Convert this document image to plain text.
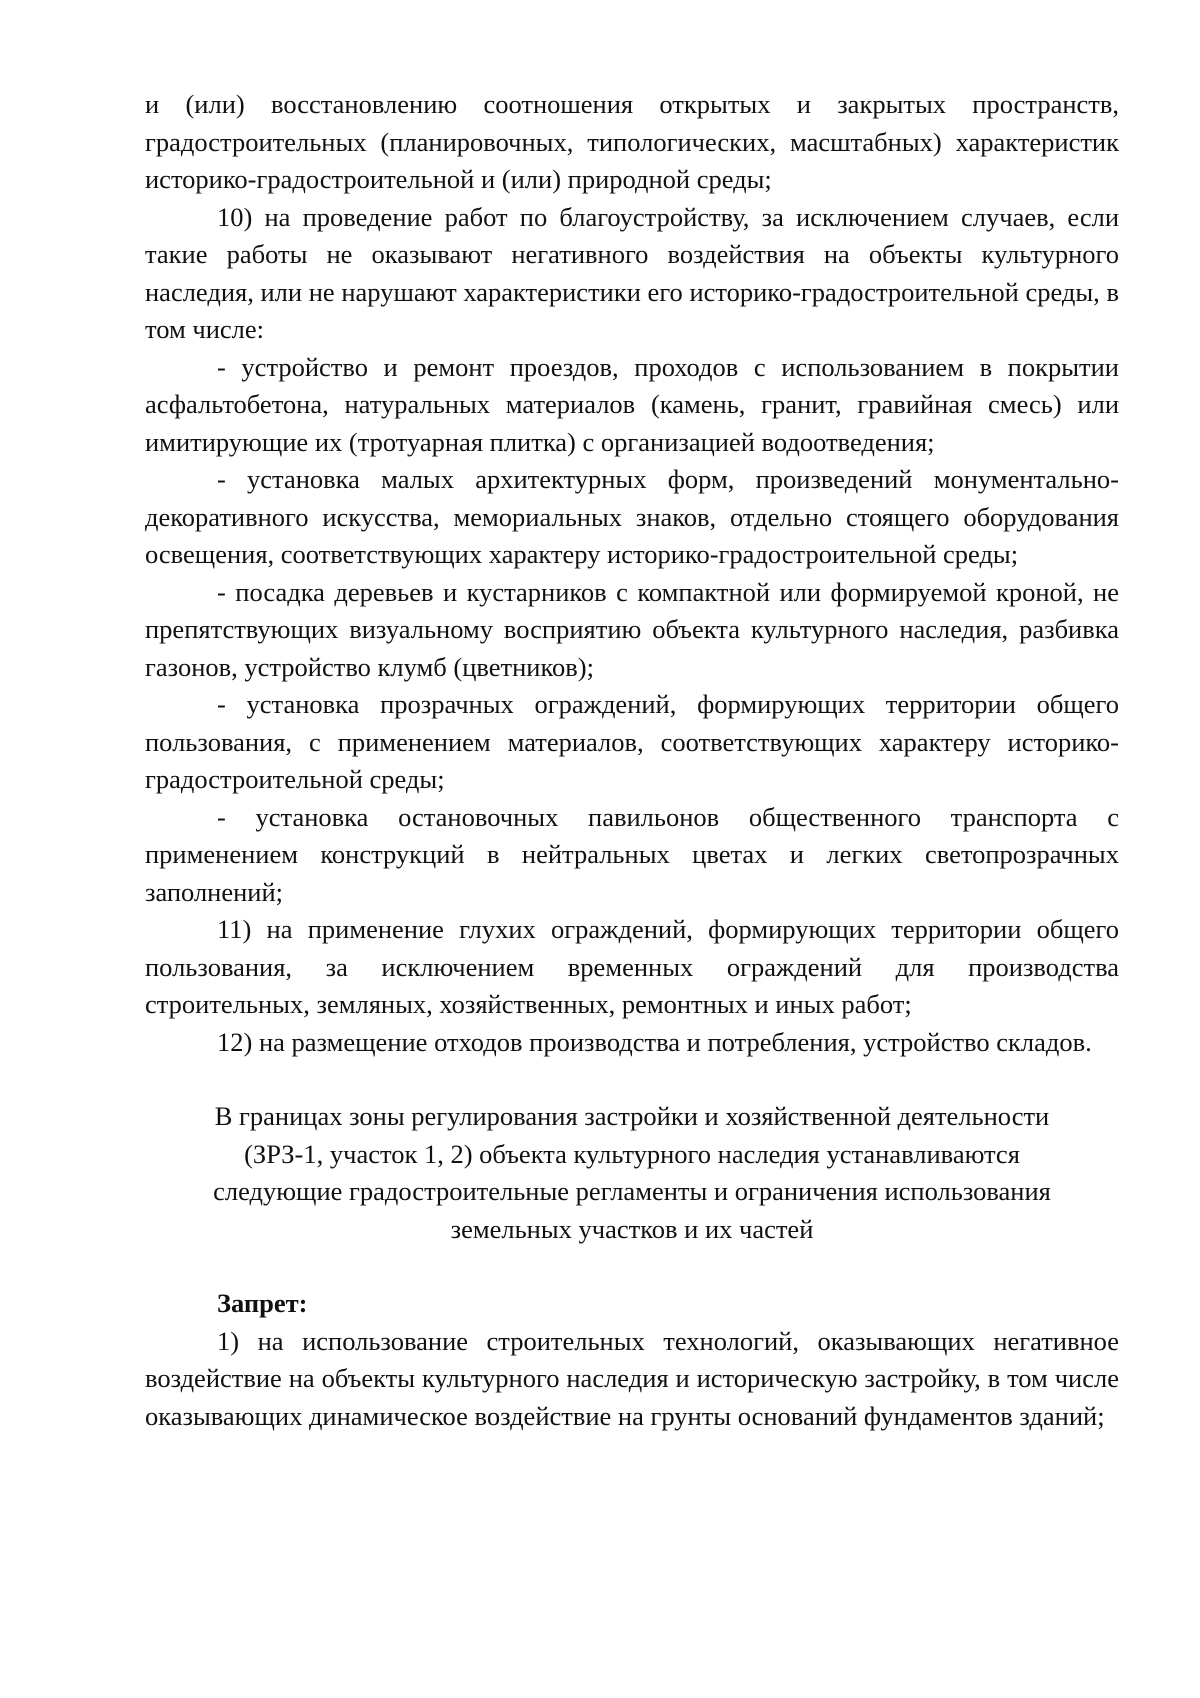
и (или) восстановлению соотношения открытых и закрытых пространств, градостроительных (планировочных, типологических, масштабных) характеристик историко-градостроительной и (или) природной среды;

10) на проведение работ по благоустройству, за исключением случаев, если такие работы не оказывают негативного воздействия на объекты культурного наследия, или не нарушают характеристики его историко-градостроительной среды, в том числе:

- устройство и ремонт проездов, проходов с использованием в покрытии асфальтобетона, натуральных материалов (камень, гранит, гравийная смесь) или имитирующие их (тротуарная плитка) с организацией водоотведения;

- установка малых архитектурных форм, произведений монументально-декоративного искусства, мемориальных знаков, отдельно стоящего оборудования освещения, соответствующих характеру историко-градостроительной среды;

- посадка деревьев и кустарников с компактной или формируемой кроной, не препятствующих визуальному восприятию объекта культурного наследия, разбивка газонов, устройство клумб (цветников);

- установка прозрачных ограждений, формирующих территории общего пользования, с применением материалов, соответствующих характеру историко-градостроительной среды;

- установка остановочных павильонов общественного транспорта с применением конструкций в нейтральных цветах и легких светопрозрачных заполнений;

11) на применение глухих ограждений, формирующих территории общего пользования, за исключением временных ограждений для производства строительных, земляных, хозяйственных, ремонтных и иных работ;

12) на размещение отходов производства и потребления, устройство складов.

В границах зоны регулирования застройки и хозяйственной деятельности
(ЗРЗ-1, участок 1, 2) объекта культурного наследия устанавливаются
следующие градостроительные регламенты и ограничения использования
земельных участков и их частей

Запрет:

1) на использование строительных технологий, оказывающих негативное воздействие на объекты культурного наследия и историческую застройку, в том числе оказывающих динамическое воздействие на грунты оснований фундаментов зданий;
